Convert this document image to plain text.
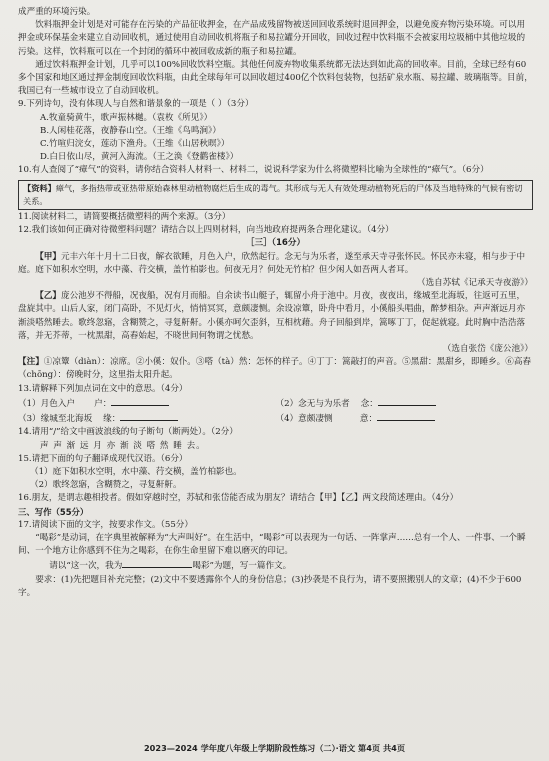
成严重的环境污染。

饮料瓶押金计划是对可能存在污染的产品征收押金，在产品成残留物被送回回收系统时退回押金，以避免废弃物污染环境。可以用押金或环保基金来建立自动回收机，通过使用自动回收机将瓶子和易拉罐分开回收，回收过程中饮料瓶不会被家用垃圾桶中其他垃圾的污染。这样，饮料瓶可以在一个封闭的循环中被回收成新的瓶子和易拉罐。

通过饮料瓶押金计划，几乎可以100%回收饮料空瓶。其他任何废弃物收集系统都无法达到如此高的回收率。目前，全球已经有60多个国家和地区通过押金制度回收饮料瓶，由此全球每年可以回收超过400亿个饮料包装物，包括矿泉水瓶、易拉罐、玻璃瓶等。目前，我国已有一些城市设立了自动回收机。

9.下列诗句，没有体现人与自然和谐景象的一项是（ ）（3分）

A.牧童骑黄牛，歌声振林樾。（袁枚《所见》）

B.人闲桂花落，夜静春山空。（王维《鸟鸣涧》）

C.竹喧归浣女，莲动下渔舟。（王维《山居秋暝》）

D.白日依山尽，黄河入海流。（王之涣《登鹳雀楼》）

10.有人查阅了“瘴气”的资料，请你结合资料人材料一、材料二，说说科学家为什么将微塑料比喻为全球性的“瘴气”。（6分）

【资料】瘴气，多指热带或亚热带原始森林里动植物腐烂后生成的毒气。其形成与无人有效处理动植物死后的尸体及当地特殊的气候有密切关系。

11.阅读材料二，请简要概括微塑料的两个来源。（3分）

12.我们该如何正确对待微塑料问题？请结合以上四则材料，向当地政府提两条合理化建议。（4分）

［三］（16分）

【甲】元丰六年十月十二日夜，解衣欲睡，月色入户，欣然起行。念无与为乐者，遂至承天寺寻张怀民。怀民亦未寝，相与步于中庭。庭下如积水空明，水中藻、荇交横，盖竹柏影也。何夜无月？何处无竹柏？但少闲人如吾两人者耳。

（选自苏轼《记承天寺夜游》）

【乙】庞公池岁不得船，况夜船，况有月而船。自余读书山艇子，辄留小舟于池中。月夜，夜夜出，缘城至北海坂，往返可五里，盘旋其中。山后人家，闭门高卧，不见灯火，悄悄冥冥，意颇凄恻。余设凉簟，卧舟中看月，小傒船头唱曲，醉梦相杂。声声渐远月亦渐淡嗒然睡去。歌终忽寤，含糊赞之，寻复鼾鼾。小傒亦呵欠歪斜，互相枕藉。舟子回船到岸，篙啄丁丁，促起就寝。此时胸中浩浩落落，并无芥蒂，一枕黑甜，高舂始起，不晓世间何物谓之忧愁。

（选自张岱《庞公池》）

【注】①凉簟（diàn）：凉席。②小傒：奴仆。③嗒（tà）然：怎怀的样子。④丁丁：篙敲打的声音。⑤黑甜：黑甜乡，即睡乡。⑥高舂（chōng）：傍晚时分，这里指太阳升起。

13.请解释下列加点词在文中的意思。（4分）

（1）月色入户 户：	（2）念无与为乐者 念：
（3）缘城至北海坂 缘：	（4）意颇凄恻	意：

14.请用“/”给文中画波浪线的句子断句（断两处）。（2分）

声 声 渐 远 月 亦 渐 淡 嗒 然 睡 去。

15.请把下面的句子翻译成现代汉语。（6分）

（1）庭下如积水空明，水中藻、荇交横，盖竹柏影也。

（2）歌终忽寤，含糊赞之，寻复鼾鼾。

16.朋友，是谓志趣相投者。假如穿越时空，苏轼和张岱能否成为朋友？请结合【甲】【乙】两文段简述理由。（4分）

三、写作（55分）

17.请阅读下面的文字，按要求作文。（55分）

“喝彩”是动词，在字典里被解释为“大声叫好”。在生活中，“喝彩”可以表现为一句话、一阵掌声……总有一个人、一件事、一个瞬间、一个地方让你感到不住为之喝彩，在你生命里留下难以磨灭的印记。

请以“这一次，我为	喝彩”为题，写一篇作文。

要求：(1)先把题目补充完整；(2)文中不要透露你个人的身份信息；(3)抄袭是不良行为，请不要照搬别人的文章；(4)不少于600字。

2023—2024 学年度八年级上学期阶段性练习（二）·语文 第4页 共4页
